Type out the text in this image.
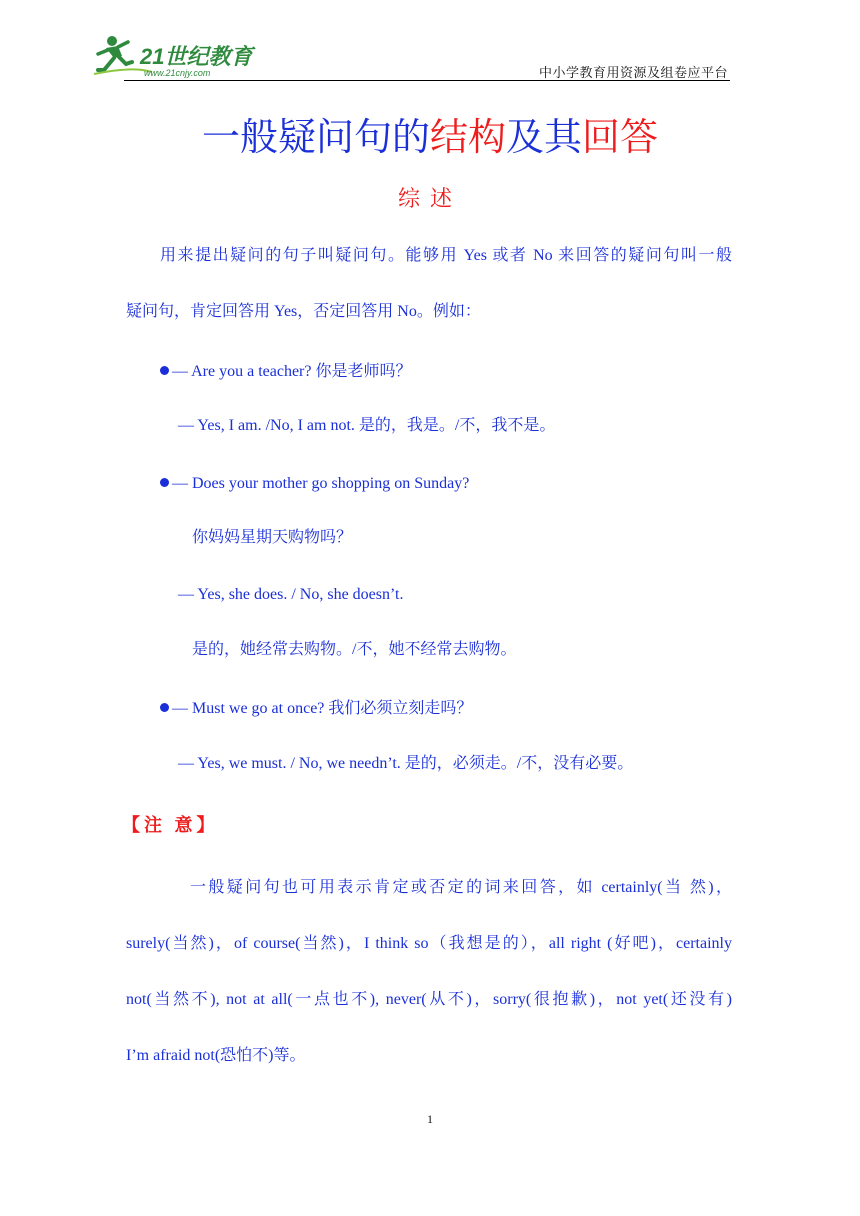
21世纪教育
www.21cnjy.com	中小学教育用资源及组卷应平台
一般疑问句的结构及其回答
综述
用来提出疑问的句子叫疑问句。能够用 Yes 或者 No 来回答的疑问句叫一般
疑问句，肯定回答用 Yes，否定回答用 No。例如：
— Are you a teacher? 你是老师吗？
— Yes, I am. /No, I am not. 是的，我是。/不，我不是。
— Does your mother go shopping on Sunday?
你妈妈星期天购物吗？
— Yes, she does. / No, she doesn’t.
是的，她经常去购物。/不，她不经常去购物。
— Must we go at once? 我们必须立刻走吗？
— Yes, we must. / No, we needn’t. 是的，必须走。/不，没有必要。
【注 意】
一般疑问句也可用表示肯定或否定的词来回答，如 certainly(当 然)，
surely(当然)，of course(当然)，I think so（我想是的），all right (好吧)，certainly
not(当然不), not at all(一点也不), never(从不)，sorry(很抱歉)，not yet(还没有)
I’m afraid not(恐怕不)等。
1
